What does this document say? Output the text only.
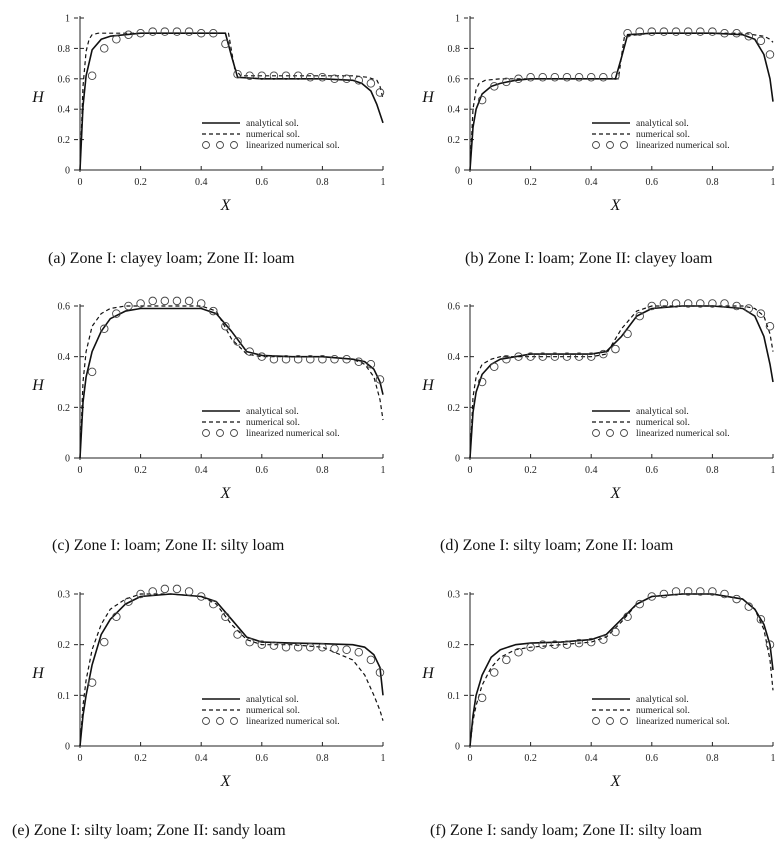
0	0.2	0.4	0.6	0.8	1
0
0.2
0.4
0.6
0.8
1
X
H
analytical sol.
numerical sol.
linearized numerical sol.
0	0.2	0.4	0.6	0.8	1
0
0.2
0.4
0.6
0.8
1
X
H
analytical sol.
numerical sol.
linearized numerical sol.
0	0.2	0.4	0.6	0.8	1
0
0.2
0.4
0.6
X
H
analytical sol.
numerical sol.
linearized numerical sol.
0	0.2	0.4	0.6	0.8	1
0
0.2
0.4
0.6
X
H
analytical sol.
numerical sol.
linearized numerical sol.
0	0.2	0.4	0.6	0.8	1
0
0.1
0.2
0.3
X
H
analytical sol.
numerical sol.
linearized numerical sol.
0	0.2	0.4	0.6	0.8	1
0
0.1
0.2
0.3
X
H
analytical sol.
numerical sol.
linearized numerical sol.
(a) Zone I: clayey loam; Zone II: loam	(b) Zone I: loam; Zone II: clayey loam
(c) Zone I: loam; Zone II: silty loam	(d) Zone I: silty loam; Zone II: loam
(e) Zone I: silty loam; Zone II: sandy loam	(f) Zone I: sandy loam; Zone II: silty loam
